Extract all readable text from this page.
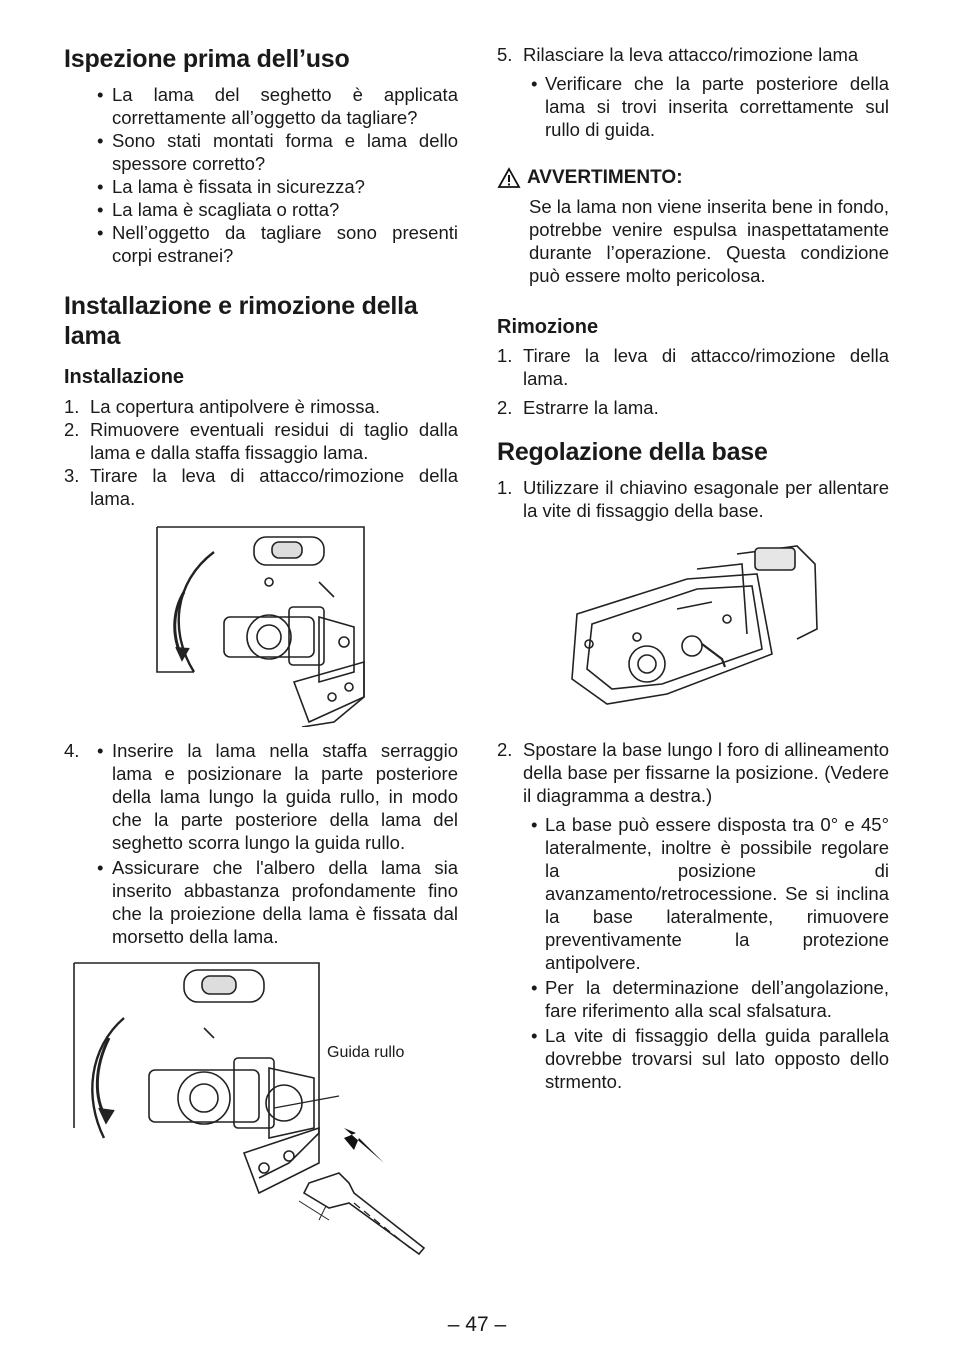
Ispezione prima dell’uso
• La lama del seghetto è applicata correttamente all’oggetto da tagliare?
• Sono stati montati forma e lama dello spessore corretto?
• La lama è fissata in sicurezza?
• La lama è scagliata o rotta?
• Nell’oggetto da tagliare sono presenti corpi estranei?
Installazione e rimozione della lama
Installazione
1. La copertura antipolvere è rimossa.
2. Rimuovere eventuali residui di taglio dalla lama e dalla staffa fissaggio lama.
3. Tirare la leva di attacco/rimozione della lama.
4.
•	Inserire la lama nella staffa serraggio lama e posizionare la parte posteriore della lama lungo la guida rullo, in modo che la parte posteriore della lama del seghetto scorra lungo la guida rullo.
• Assicurare che l'albero della lama sia inserito abbastanza profondamente fino che la proiezione della lama è fissata dal morsetto della lama.
Guida rullo
5. Rilasciare la leva attacco/rimozione lama
• Verificare che la parte posteriore della lama si trovi inserita correttamente sul rullo di guida.
AVVERTIMENTO:

Se la lama non viene inserita bene in fondo, potrebbe venire espulsa inaspettatamente durante l’operazione. Questa condizione può essere molto pericolosa.

Rimozione
1. Tirare la leva di attacco/rimozione della lama.
2. Estrarre la lama.
Regolazione della base
1. Utilizzare il chiavino esagonale per allentare la vite di fissaggio della base.
2. Spostare la base lungo l foro di allineamento della base per fissarne la posizione. (Vedere il diagramma a destra.)
• La base può essere disposta tra 0° e 45° lateralmente, inoltre è possibile regolare la posizione di avanzamento/retrocessione. Se si inclina la base lateralmente, rimuovere preventivamente la protezione antipolvere.
• Per la determinazione dell’angolazione, fare riferimento alla scal sfalsatura.
• La vite di fissaggio della guida parallela dovrebbe trovarsi sul lato opposto dello strmento.
– 47 –
